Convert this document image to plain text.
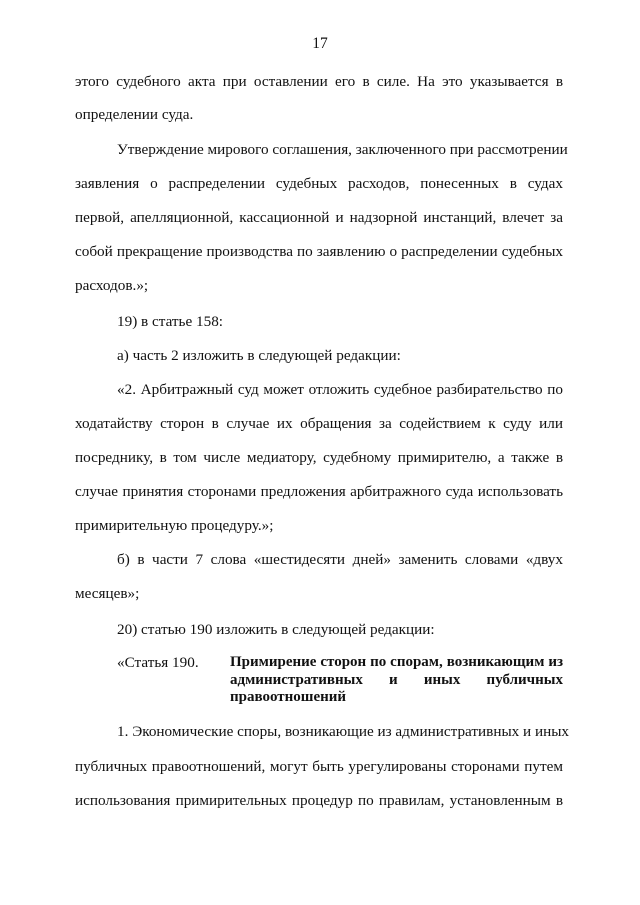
17
этого судебного акта при оставлении его в силе. На это указывается в
определении суда.
Утверждение мирового соглашения, заключенного при рассмотрении
заявления о распределении судебных расходов, понесенных в судах
первой, апелляционной, кассационной и надзорной инстанций, влечет за
собой прекращение производства по заявлению о распределении судебных
расходов.»;
19) в статье 158:
а) часть 2 изложить в следующей редакции:
«2. Арбитражный суд может отложить судебное разбирательство по
ходатайству сторон в случае их обращения за содействием к суду или
посреднику, в том числе медиатору, судебному примирителю, а также в
случае принятия сторонами предложения арбитражного суда использовать
примирительную процедуру.»;
б) в части 7 слова «шестидесяти дней» заменить словами «двух
месяцев»;
20) статью 190 изложить в следующей редакции:
«Статья 190. Примирение сторон по спорам, возникающим из
административных и иных публичных
правоотношений
1. Экономические споры, возникающие из административных и иных
публичных правоотношений, могут быть урегулированы сторонами путем
использования примирительных процедур по правилам, установленным в
